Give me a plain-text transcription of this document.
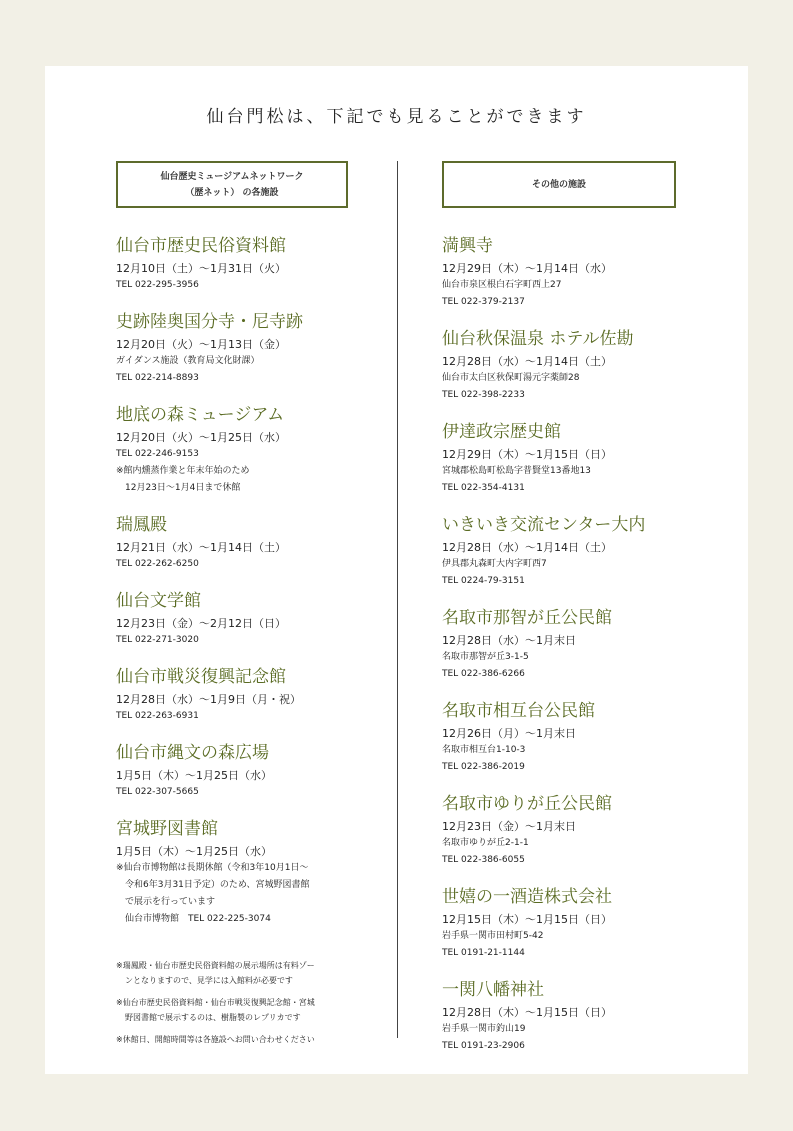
仙台門松は、下記でも見ることができます
仙台歴史ミュージアムネットワーク
（歴ネット） の各施設
仙台市歴史民俗資料館
12月10日（土）～1月31日（火）
TEL 022-295-3956
史跡陸奥国分寺・尼寺跡
12月20日（火）～1月13日（金）
ガイダンス施設（教育局文化財課）
TEL 022-214-8893
地底の森ミュージアム
12月20日（火）～1月25日（水）
TEL 022-246-9153
※館内燻蒸作業と年末年始のため
12月23日～1月4日まで休館
瑞鳳殿
12月21日（水）～1月14日（土）
TEL 022-262-6250
仙台文学館
12月23日（金）～2月12日（日）
TEL 022-271-3020
仙台市戦災復興記念館
12月28日（水）～1月9日（月・祝）
TEL 022-263-6931
仙台市縄文の森広場
1月5日（木）～1月25日（水）
TEL 022-307-5665
宮城野図書館
1月5日（木）～1月25日（水）
※仙台市博物館は長期休館（令和3年10月1日～
令和6年3月31日予定）のため、宮城野図書館
で展示を行っています
仙台市博物館　TEL 022-225-3074
その他の施設
満興寺
12月29日（木）～1月14日（水）
仙台市泉区根白石字町西上27
TEL 022-379-2137
仙台秋保温泉 ホテル佐勘
12月28日（水）～1月14日（土）
仙台市太白区秋保町湯元字薬師28
TEL 022-398-2233
伊達政宗歴史館
12月29日（木）～1月15日（日）
宮城郡松島町松島字普賢堂13番地13
TEL 022-354-4131
いきいき交流センター大内
12月28日（水）～1月14日（土）
伊具郡丸森町大内字町西7
TEL 0224-79-3151
名取市那智が丘公民館
12月28日（水）～1月末日
名取市那智が丘3-1-5
TEL 022-386-6266
名取市相互台公民館
12月26日（月）～1月末日
名取市相互台1-10-3
TEL 022-386-2019
名取市ゆりが丘公民館
12月23日（金）～1月末日
名取市ゆりが丘2-1-1
TEL 022-386-6055
世嬉の一酒造株式会社
12月15日（木）～1月15日（日）
岩手県一関市田村町5-42
TEL 0191-21-1144
一関八幡神社
12月28日（木）～1月15日（日）
岩手県一関市釣山19
TEL 0191-23-2906
※瑞鳳殿・仙台市歴史民俗資料館の展示場所は有料ゾー
ンとなりますので、見学には入館料が必要です
※仙台市歴史民俗資料館・仙台市戦災復興記念館・宮城
野図書館で展示するのは、樹脂製のレプリカです
※休館日、開館時間等は各施設へお問い合わせください
